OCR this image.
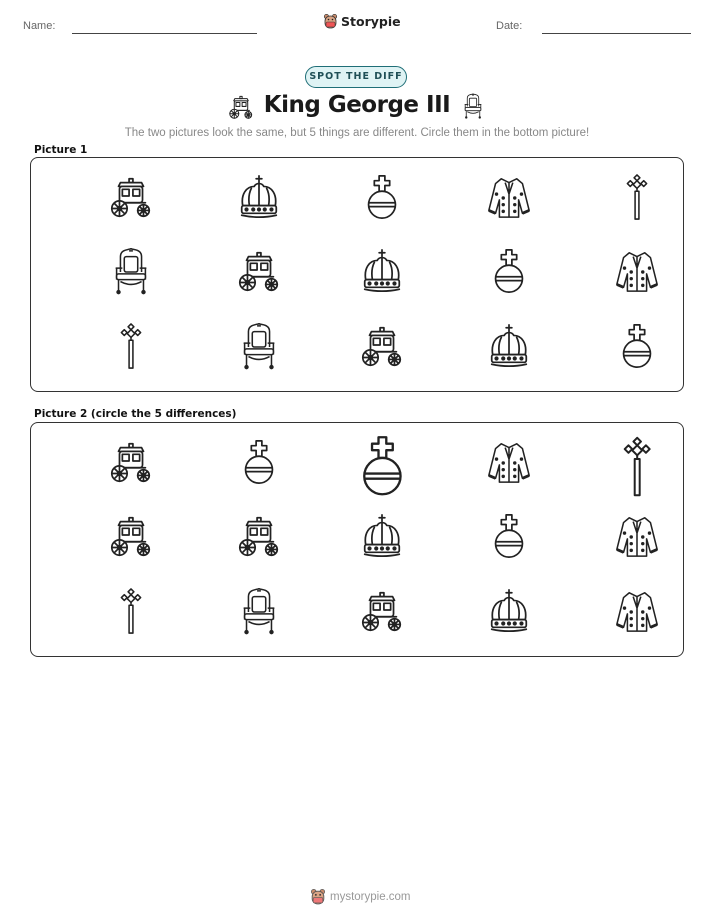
Name:	Storypie	Date:
SPOT THE DIFF
King George III
The two pictures look the same, but 5 things are different. Circle them in the bottom picture!
Picture 1
Picture 2 (circle the 5 differences)
mystorypie.com
